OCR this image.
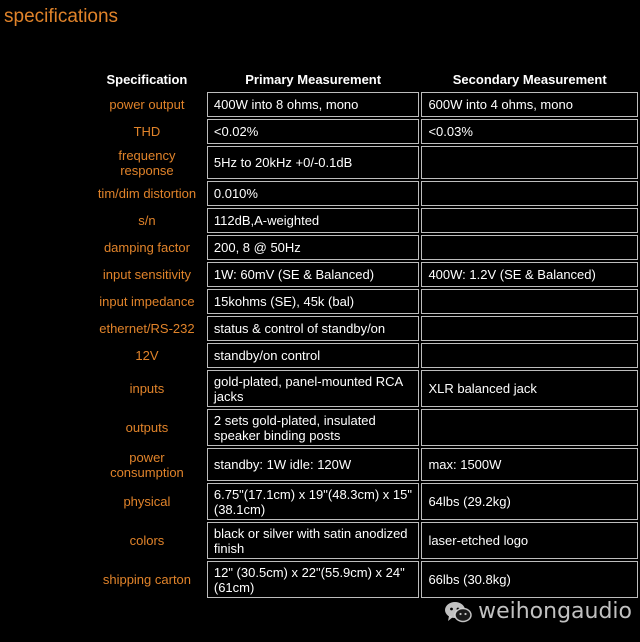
specifications
Specification	Primary Measurement	Secondary Measurement
power output	400W into 8 ohms, mono	600W into 4 ohms, mono
THD	<0.02%	<0.03%
frequency response	5Hz to 20kHz +0/-0.1dB	
tim/dim distortion	0.010%	
s/n	112dB,A-weighted	
damping factor	200, 8 @ 50Hz	
input sensitivity	1W: 60mV (SE & Balanced)	400W: 1.2V (SE & Balanced)
input impedance	15kohms (SE), 45k (bal)	
ethernet/RS-232	status & control of standby/on	
12V	standby/on control	
inputs	gold-plated, panel-mounted RCA jacks	XLR balanced jack
outputs	2 sets gold-plated, insulated speaker binding posts	
power consumption	standby: 1W idle: 120W	max: 1500W
physical	6.75"(17.1cm) x 19"(48.3cm) x 15"(38.1cm)	64lbs (29.2kg)
colors	black or silver with satin anodized finish	laser-etched logo
shipping carton	12" (30.5cm) x 22"(55.9cm) x 24"(61cm)	66lbs (30.8kg)
weihongaudio
